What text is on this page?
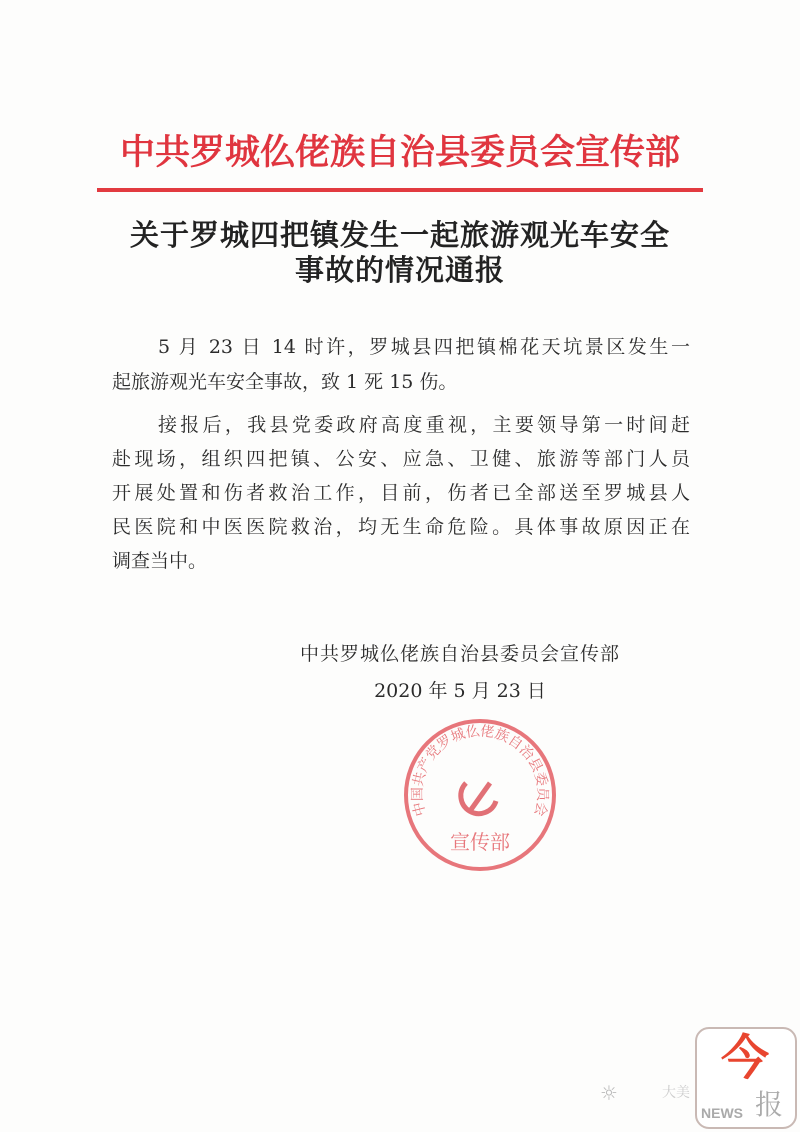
中共罗城仫佬族自治县委员会宣传部
关于罗城四把镇发生一起旅游观光车安全
事故的情况通报
5 月 23 日 14 时许，罗城县四把镇棉花天坑景区发生一
起旅游观光车安全事故，致 1 死 15 伤。
接报后，我县党委政府高度重视，主要领导第一时间赶
赴现场，组织四把镇、公安、应急、卫健、旅游等部门人员
开展处置和伤者救治工作，目前，伤者已全部送至罗城县人
民医院和中医医院救治，均无生命危险。具体事故原因正在
调查当中。
中共罗城仫佬族自治县委员会宣传部
2020 年 5 月 23 日
中国共产党罗城仫佬族自治县委员会
宣传部
☼	大美
今
NEWS 报
